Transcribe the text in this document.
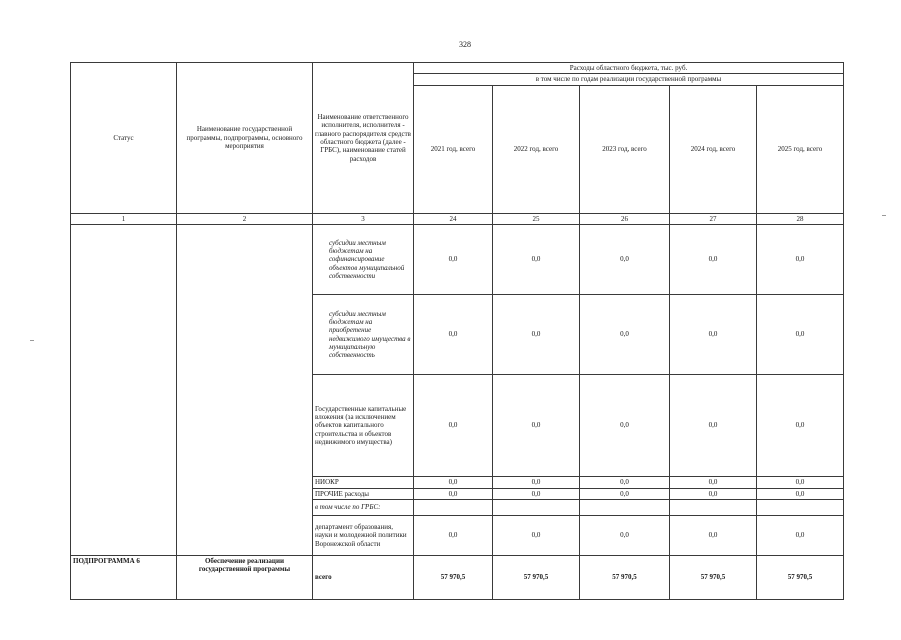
328
Статус	Наименование государственной программы, подпрограммы, основного мероприятия	Наименование ответственного исполнителя, исполнителя - главного распорядителя средств областного бюджета (далее - ГРБС), наименование статей расходов	Расходы областного бюджета, тыс. руб.				
			в том числе по годам реализации государственной программы				
			2021 год, всего	2022 год, всего	2023 год, всего	2024 год, всего	2025 год, всего
1	2	3	24	25	26	27	28
		субсидии местным бюджетам на софинансирование объектов муниципальной собственности	0,0	0,0	0,0	0,0	0,0
		субсидии местным бюджетам на приобретение недвижимого имущества в муниципальную собственность	0,0	0,0	0,0	0,0	0,0
		Государственные капитальные вложения (за исключением объектов капитального строительства и объектов недвижимого имущества)	0,0	0,0	0,0	0,0	0,0
		НИОКР	0,0	0,0	0,0	0,0	0,0
		ПРОЧИЕ расходы	0,0	0,0	0,0	0,0	0,0
		в том числе по ГРБС:					
		департамент образования, науки и молодежной политики Воронежской области	0,0	0,0	0,0	0,0	0,0
ПОДПРОГРАММА 6	Обеспечение реализации государственной программы	всего	57 970,5	57 970,5	57 970,5	57 970,5	57 970,5
